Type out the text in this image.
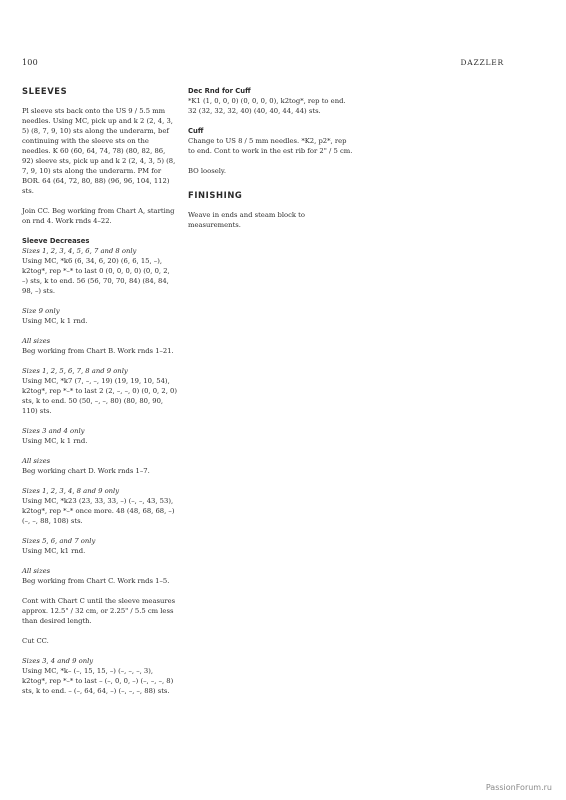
100	DAZZLER
SLEEVES

Pl sleeve sts back onto the US 9 / 5.5 mm needles. Using MC, pick up and k 2 (2, 4, 3, 5) (8, 7, 9, 10) sts along the underarm, bef continuing with the sleeve sts on the needles. K 60 (60, 64, 74, 78) (80, 82, 86, 92) sleeve sts, pick up and k 2 (2, 4, 3, 5) (8, 7, 9, 10) sts along the underarm. PM for BOR. 64 (64, 72, 80, 88) (96, 96, 104, 112) sts.

Join CC. Beg working from Chart A, starting on rnd 4. Work rnds 4–22.

Sleeve Decreases
Sizes 1, 2, 3, 4, 5, 6, 7 and 8 only

Using MC, *k6 (6, 34, 6, 20) (6, 6, 15, –), k2tog*, rep *–* to last 0 (0, 0, 0, 0) (0, 0, 2, –) sts, k to end. 56 (56, 70, 70, 84) (84, 84, 98, –) sts.

Size 9 only

Using MC, k 1 rnd.

All sizes

Beg working from Chart B. Work rnds 1–21.

Sizes 1, 2, 5, 6, 7, 8 and 9 only

Using MC, *k7 (7, –, –, 19) (19, 19, 10, 54), k2tog*, rep *–* to last 2 (2, –, –, 0) (0, 0, 2, 0) sts, k to end. 50 (50, –, –, 80) (80, 80, 90, 110) sts.

Sizes 3 and 4 only

Using MC, k 1 rnd.

All sizes

Beg working chart D. Work rnds 1–7.

Sizes 1, 2, 3, 4, 8 and 9 only

Using MC, *k23 (23, 33, 33, –) (–, –, 43, 53), k2tog*, rep *–* once more. 48 (48, 68, 68, –) (–, –, 88, 108) sts.

Sizes 5, 6, and 7 only

Using MC, k1 rnd.

All sizes

Beg working from Chart C. Work rnds 1–5.

Cont with Chart C until the sleeve measures approx. 12.5" / 32 cm, or 2.25" / 5.5 cm less than desired length.

Cut CC.

Sizes 3, 4 and 9 only

Using MC, *k– (–, 15, 15, –) (–, –, –, 3), k2tog*, rep *–* to last – (–, 0, 0, –) (–, –, –, 8) sts, k to end. – (–, 64, 64, –) (–, –, –, 88) sts.

Dec Rnd for Cuff

*K1 (1, 0, 0, 0) (0, 0, 0, 0), k2tog*, rep to end. 32 (32, 32, 32, 40) (40, 40, 44, 44) sts.

Cuff

Change to US 8 / 5 mm needles. *K2, p2*, rep to end. Cont to work in the est rib for 2" / 5 cm.

BO loosely.

FINISHING

Weave in ends and steam block to measurements.

PassionForum.ru
